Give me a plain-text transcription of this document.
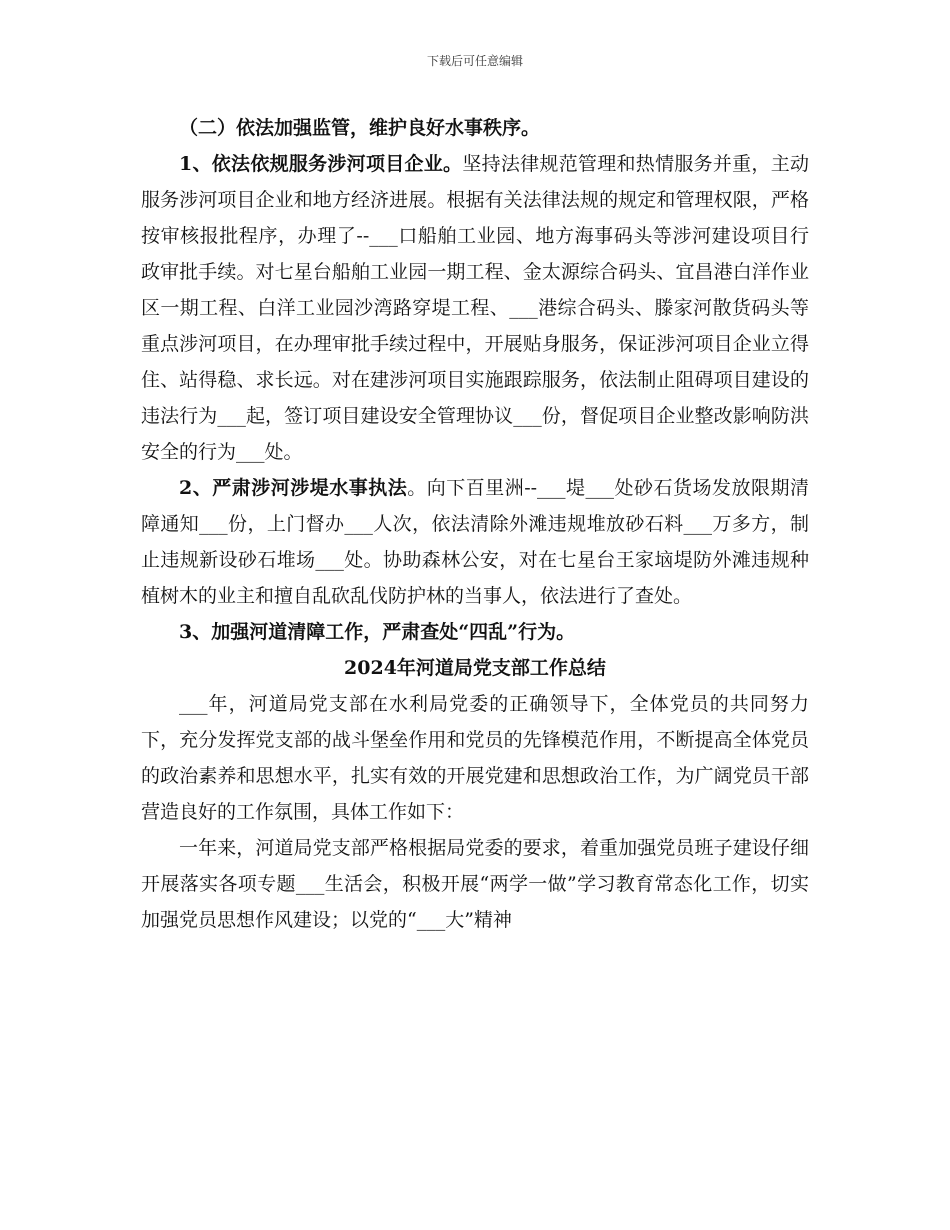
下载后可任意编辑

（二）依法加强监管，维护良好水事秩序。

1、依法依规服务涉河项目企业。坚持法律规范管理和热情服务并重，主动服务涉河项目企业和地方经济进展。根据有关法律法规的规定和管理权限，严格按审核报批程序，办理了--___口船舶工业园、地方海事码头等涉河建设项目行政审批手续。对七星台船舶工业园一期工程、金太源综合码头、宜昌港白洋作业区一期工程、白洋工业园沙湾路穿堤工程、___港综合码头、滕家河散货码头等重点涉河项目，在办理审批手续过程中，开展贴身服务，保证涉河项目企业立得住、站得稳、求长远。对在建涉河项目实施跟踪服务，依法制止阻碍项目建设的违法行为___起，签订项目建设安全管理协议___份，督促项目企业整改影响防洪安全的行为___处。

2、严肃涉河涉堤水事执法。向下百里洲--___堤___处砂石货场发放限期清障通知___份，上门督办___人次，依法清除外滩违规堆放砂石料___万多方，制止违规新设砂石堆场___处。协助森林公安，对在七星台王家垴堤防外滩违规种植树木的业主和擅自乱砍乱伐防护林的当事人，依法进行了查处。

3、加强河道清障工作，严肃查处“四乱”行为。

2024年河道局党支部工作总结

___年，河道局党支部在水利局党委的正确领导下，全体党员的共同努力下，充分发挥党支部的战斗堡垒作用和党员的先锋模范作用，不断提高全体党员的政治素养和思想水平，扎实有效的开展党建和思想政治工作，为广阔党员干部营造良好的工作氛围，具体工作如下：

一年来，河道局党支部严格根据局党委的要求，着重加强党员班子建设仔细开展落实各项专题___生活会，积极开展“两学一做”学习教育常态化工作，切实加强党员思想作风建设；以党的“___大”精神
